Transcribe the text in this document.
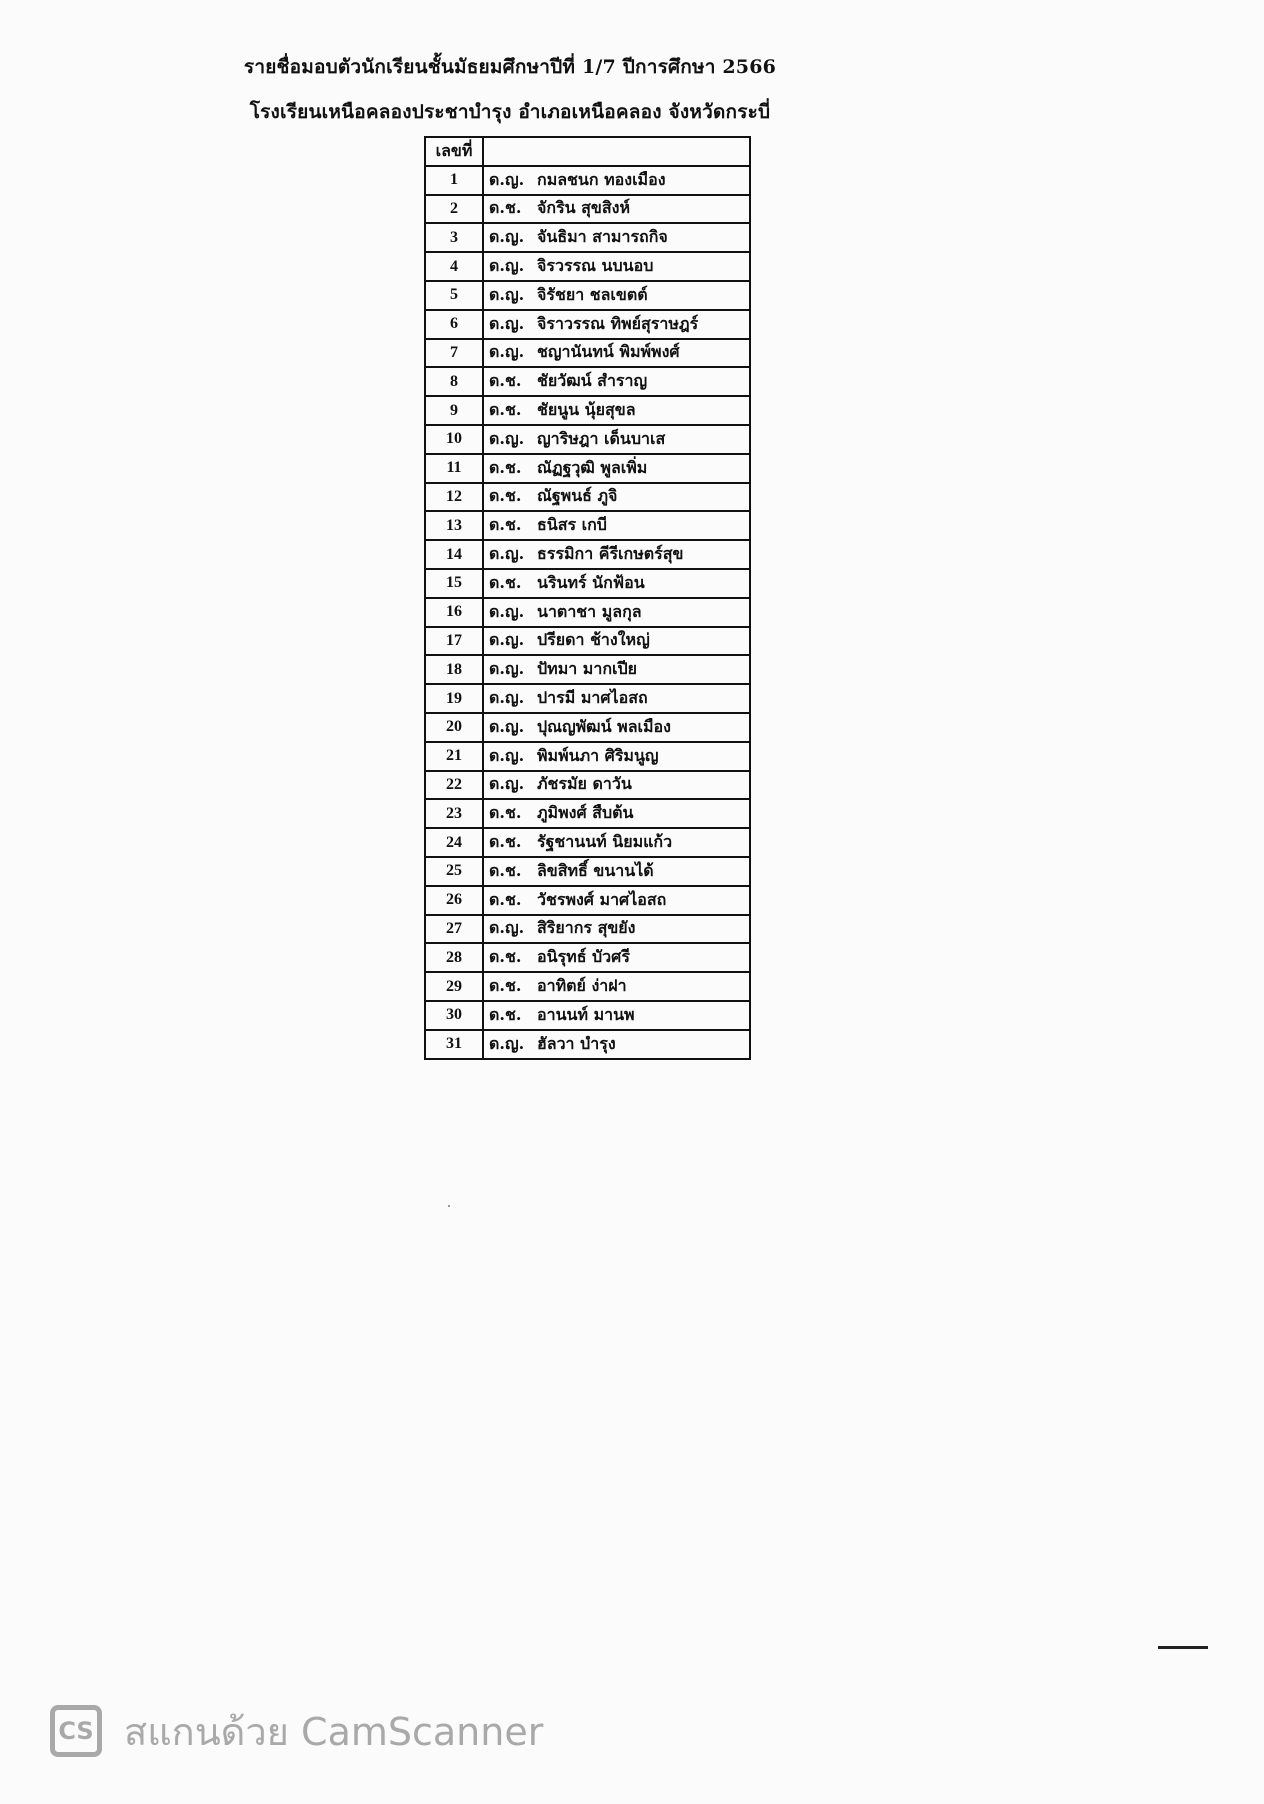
รายชื่อมอบตัวนักเรียนชั้นมัธยมศึกษาปีที่ 1/7 ปีการศึกษา 2566
โรงเรียนเหนือคลองประชาบำรุง อำเภอเหนือคลอง จังหวัดกระบี่
เลขที่	
1	ด.ญ. กมลชนก ทองเมือง
2	ด.ช. จักริน สุขสิงห์
3	ด.ญ. จันธิมา สามารถกิจ
4	ด.ญ. จิรวรรณ นบนอบ
5	ด.ญ. จิรัชยา ชลเขตต์
6	ด.ญ. จิราวรรณ ทิพย์สุราษฎร์
7	ด.ญ. ชญานันทน์ พิมพ์พงศ์
8	ด.ช. ชัยวัฒน์ สำราญ
9	ด.ช. ชัยนูน นุ้ยสุขล
10	ด.ญ. ญาริษฎา เด็นบาเส
11	ด.ช. ณัฏฐวุฒิ พูลเพิ่ม
12	ด.ช. ณัฐพนธ์ ภูจิ
13	ด.ช. ธนิสร เกบี
14	ด.ญ. ธรรมิกา คีรีเกษตร์สุข
15	ด.ช. นรินทร์ นักฟ้อน
16	ด.ญ. นาตาชา มูลกุล
17	ด.ญ. ปรียดา ช้างใหญ่
18	ด.ญ. ปัทมา มากเปีย
19	ด.ญ. ปารมี มาศไอสถ
20	ด.ญ. ปุณญพัฒน์ พลเมือง
21	ด.ญ. พิมพ์นภา ศิริมนูญ
22	ด.ญ. ภัชรมัย ดาวัน
23	ด.ช. ภูมิพงศ์ สืบต้น
24	ด.ช. รัฐชานนท์ นิยมแก้ว
25	ด.ช. ลิขสิทธิ์ ขนานได้
26	ด.ช. วัชรพงศ์ มาศไอสถ
27	ด.ญ. สิริยากร สุขยัง
28	ด.ช. อนิรุทธ์ บัวศรี
29	ด.ช. อาทิตย์ ง่าฝา
30	ด.ช. อานนท์ มานพ
31	ด.ญ. ฮัลวา บำรุง
CS สแกนด้วย CamScanner
